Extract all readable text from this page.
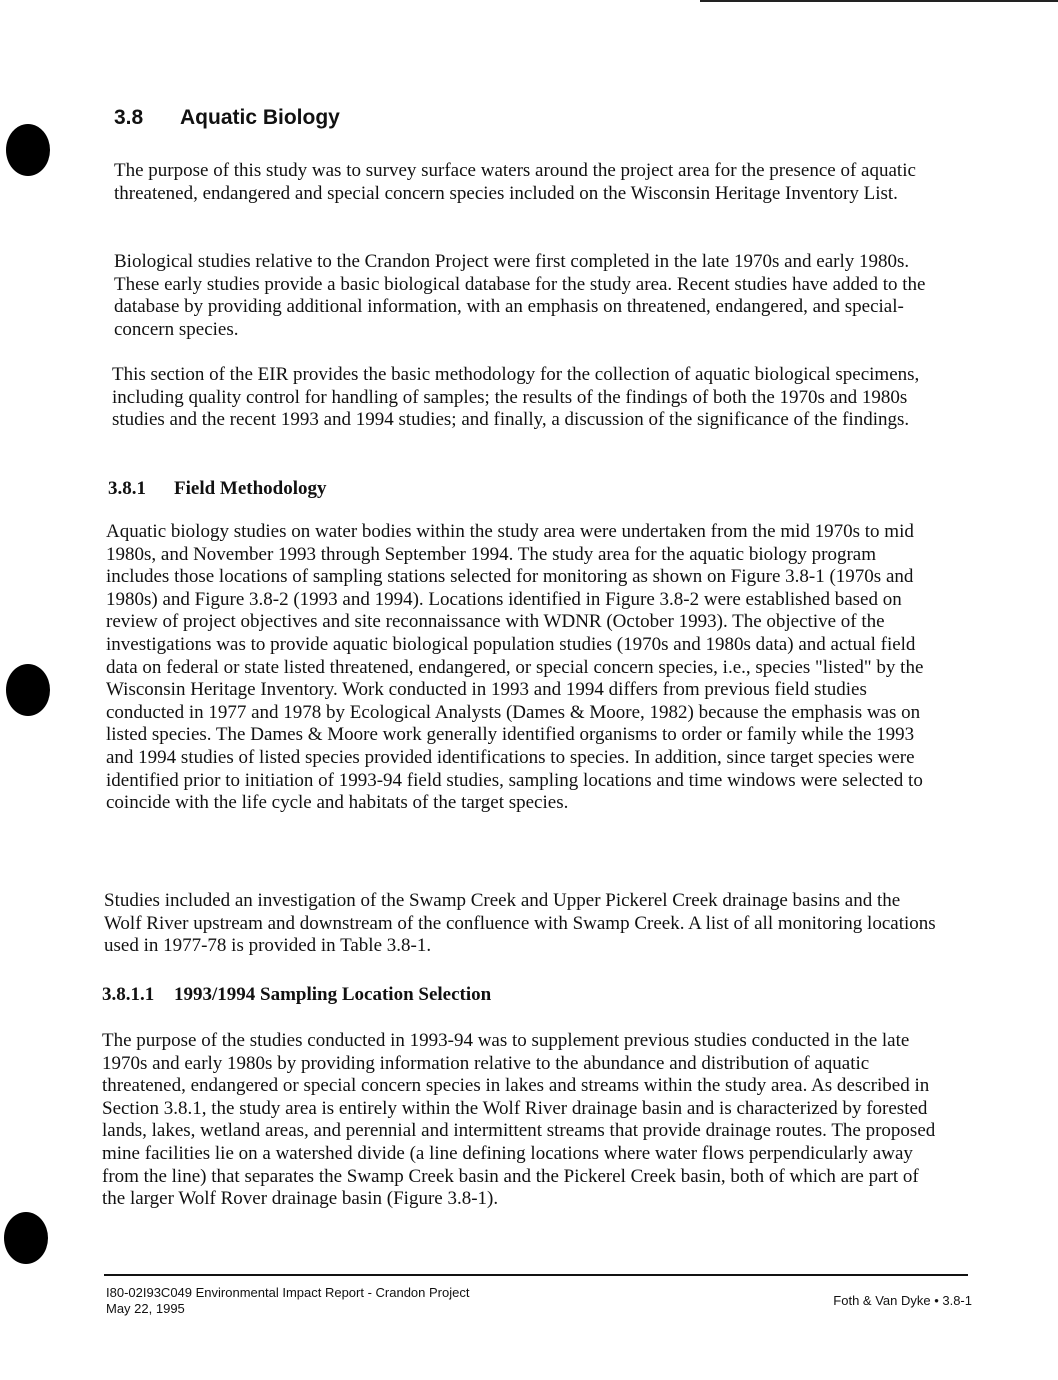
3.8 Aquatic Biology

The purpose of this study was to survey surface waters around the project area for the presence of aquatic threatened, endangered and special concern species included on the Wisconsin Heritage Inventory List.

Biological studies relative to the Crandon Project were first completed in the late 1970s and early 1980s. These early studies provide a basic biological database for the study area. Recent studies have added to the database by providing additional information, with an emphasis on threatened, endangered, and special-concern species.

This section of the EIR provides the basic methodology for the collection of aquatic biological specimens, including quality control for handling of samples; the results of the findings of both the 1970s and 1980s studies and the recent 1993 and 1994 studies; and finally, a discussion of the significance of the findings.

3.8.1 Field Methodology

Aquatic biology studies on water bodies within the study area were undertaken from the mid 1970s to mid 1980s, and November 1993 through September 1994. The study area for the aquatic biology program includes those locations of sampling stations selected for monitoring as shown on Figure 3.8-1 (1970s and 1980s) and Figure 3.8-2 (1993 and 1994). Locations identified in Figure 3.8-2 were established based on review of project objectives and site reconnaissance with WDNR (October 1993). The objective of the investigations was to provide aquatic biological population studies (1970s and 1980s data) and actual field data on federal or state listed threatened, endangered, or special concern species, i.e., species "listed" by the Wisconsin Heritage Inventory. Work conducted in 1993 and 1994 differs from previous field studies conducted in 1977 and 1978 by Ecological Analysts (Dames & Moore, 1982) because the emphasis was on listed species. The Dames & Moore work generally identified organisms to order or family while the 1993 and 1994 studies of listed species provided identifications to species. In addition, since target species were identified prior to initiation of 1993-94 field studies, sampling locations and time windows were selected to coincide with the life cycle and habitats of the target species.

Studies included an investigation of the Swamp Creek and Upper Pickerel Creek drainage basins and the Wolf River upstream and downstream of the confluence with Swamp Creek. A list of all monitoring locations used in 1977-78 is provided in Table 3.8-1.

3.8.1.1 1993/1994 Sampling Location Selection

The purpose of the studies conducted in 1993-94 was to supplement previous studies conducted in the late 1970s and early 1980s by providing information relative to the abundance and distribution of aquatic threatened, endangered or special concern species in lakes and streams within the study area. As described in Section 3.8.1, the study area is entirely within the Wolf River drainage basin and is characterized by forested lands, lakes, wetland areas, and perennial and intermittent streams that provide drainage routes. The proposed mine facilities lie on a watershed divide (a line defining locations where water flows perpendicularly away from the line) that separates the Swamp Creek basin and the Pickerel Creek basin, both of which are part of the larger Wolf Rover drainage basin (Figure 3.8-1).

I80-02I93C049 Environmental Impact Report - Crandon Project
May 22, 1995
Foth & Van Dyke • 3.8-1
